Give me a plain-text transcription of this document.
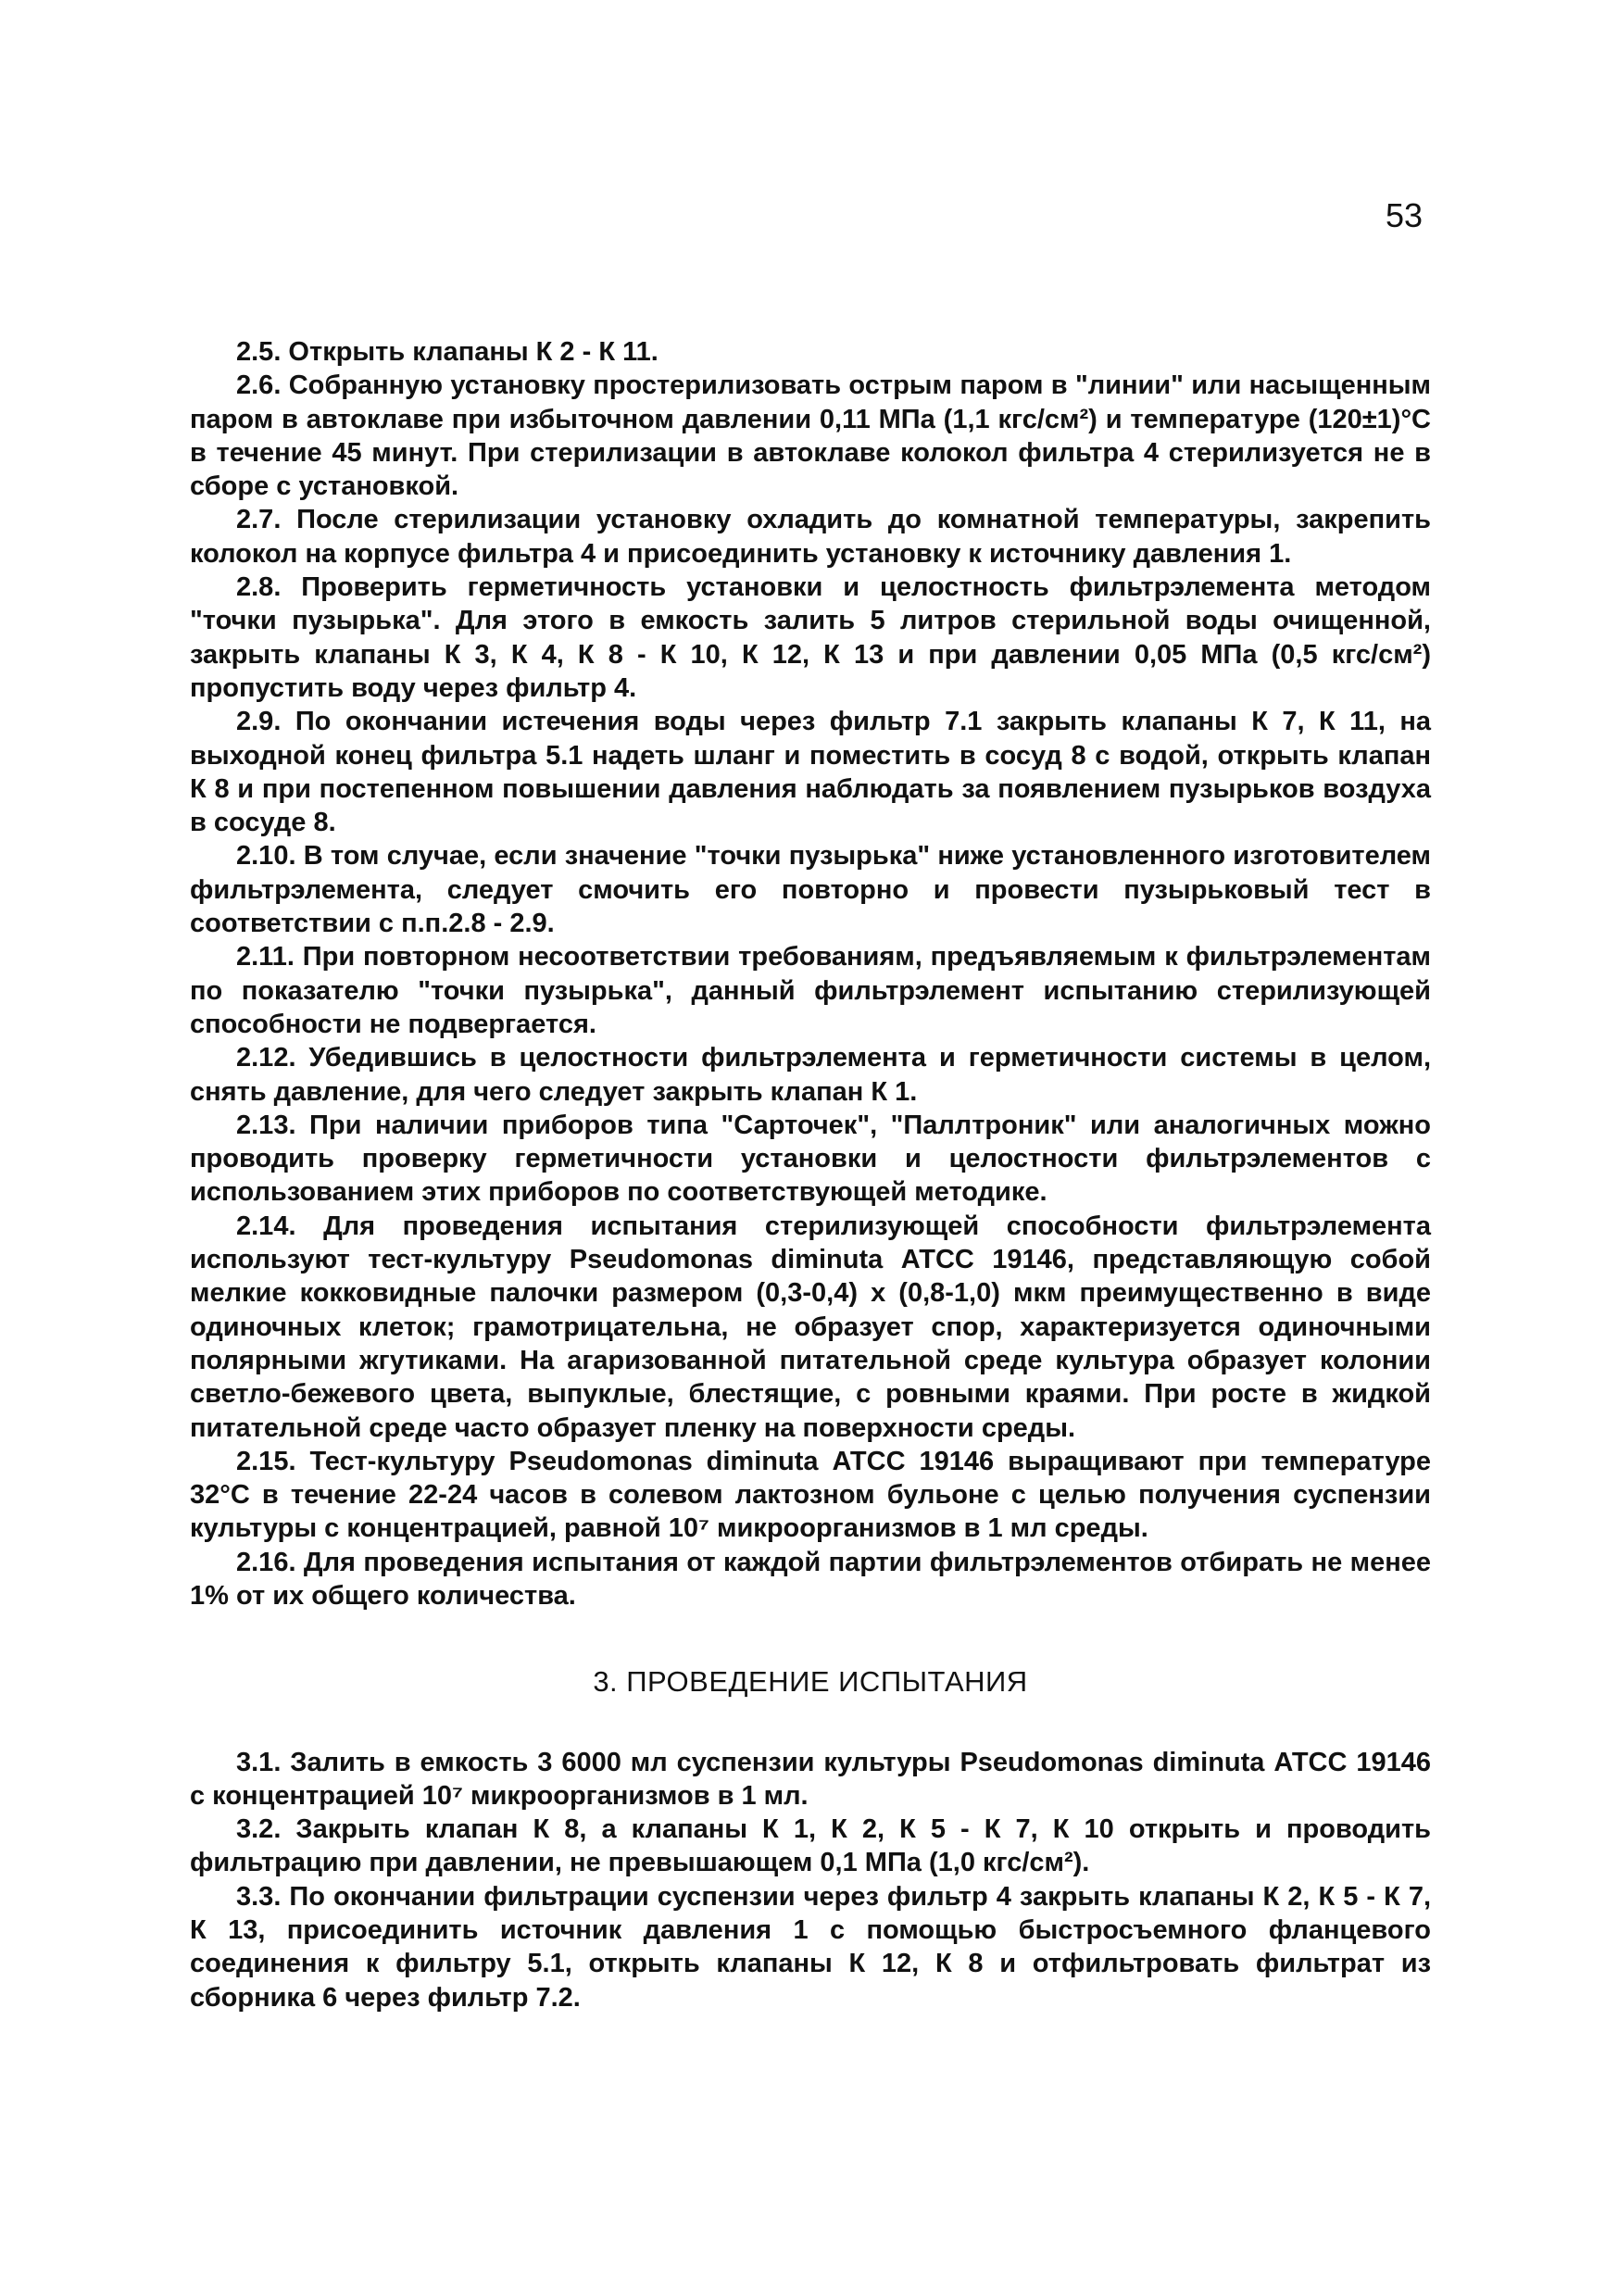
53

2.5. Открыть клапаны К 2 - К 11.

2.6. Собранную установку простерилизовать острым паром в "линии" или насыщенным паром в автоклаве при избыточном давлении 0,11 МПа (1,1 кгс/см²) и температуре (120±1)°С в течение 45 минут. При стерилизации в автоклаве колокол фильтра 4 стерилизуется не в сборе с установкой.

2.7. После стерилизации установку охладить до комнатной температуры, закрепить колокол на корпусе фильтра 4 и присоединить установку к источнику давления 1.

2.8. Проверить герметичность установки и целостность фильтрэлемента методом "точки пузырька". Для этого в емкость залить 5 литров стерильной воды очищенной, закрыть клапаны К 3, К 4, К 8 - К 10, К 12, К 13 и при давлении 0,05 МПа (0,5 кгс/см²) пропустить воду через фильтр 4.

2.9. По окончании истечения воды через фильтр 7.1 закрыть клапаны К 7, К 11, на выходной конец фильтра 5.1 надеть шланг и поместить в сосуд 8 с водой, открыть клапан К 8 и при постепенном повышении давления наблюдать за появлением пузырьков воздуха в сосуде 8.

2.10. В том случае, если значение "точки пузырька" ниже установленного изготовителем фильтрэлемента, следует смочить его повторно и провести пузырьковый тест в соответствии с п.п.2.8 - 2.9.

2.11. При повторном несоответствии требованиям, предъявляемым к фильтрэлементам по показателю "точки пузырька", данный фильтрэлемент испытанию стерилизующей способности не подвергается.

2.12. Убедившись в целостности фильтрэлемента и герметичности системы в целом, снять давление, для чего следует закрыть клапан К 1.

2.13. При наличии приборов типа "Сарточек", "Паллтроник" или аналогичных можно проводить проверку герметичности установки и целостности фильтрэлементов с использованием этих приборов по соответствующей методике.

2.14. Для проведения испытания стерилизующей способности фильтрэлемента используют тест-культуру Pseudomonas diminuta АТСС 19146, представляющую собой мелкие кокковидные палочки размером (0,3-0,4) x (0,8-1,0) мкм преимущественно в виде одиночных клеток; грамотрицательна, не образует спор, характеризуется одиночными полярными жгутиками. На агаризованной питательной среде культура образует колонии светло-бежевого цвета, выпуклые, блестящие, с ровными краями. При росте в жидкой питательной среде часто образует пленку на поверхности среды.

2.15. Тест-культуру Pseudomonas diminuta АТСС 19146 выращивают при температуре 32°С в течение 22-24 часов в солевом лактозном бульоне с целью получения суспензии культуры с концентрацией, равной 10⁷ микроорганизмов в 1 мл среды.

2.16. Для проведения испытания от каждой партии фильтрэлементов отбирать не менее 1% от их общего количества.

3. ПРОВЕДЕНИЕ ИСПЫТАНИЯ

3.1. Залить в емкость 3 6000 мл суспензии культуры Pseudomonas diminuta АТСС 19146 с концентрацией 10⁷ микроорганизмов в 1 мл.

3.2. Закрыть клапан К 8, а клапаны К 1, К 2, К 5 - К 7, К 10 открыть и проводить фильтрацию при давлении, не превышающем 0,1 МПа (1,0 кгс/см²).

3.3. По окончании фильтрации суспензии через фильтр 4 закрыть клапаны К 2, К 5 - К 7, К 13, присоединить источник давления 1 с помощью быстросъемного фланцевого соединения к фильтру 5.1, открыть клапаны К 12, К 8 и отфильтровать фильтрат из сборника 6 через фильтр 7.2.
